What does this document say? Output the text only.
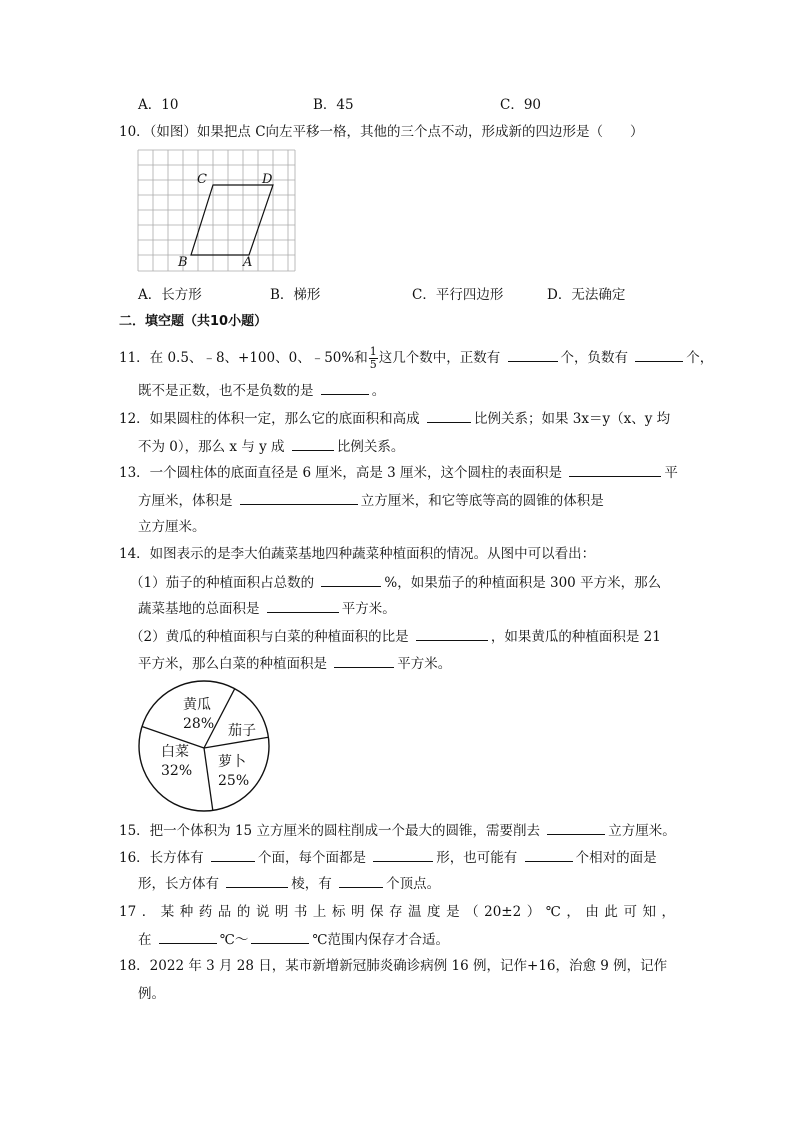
A．10	B．45	C．90
10．（如图）如果把点 C向左平移一格，其他的三个点不动，形成新的四边形是（　　）
C	D
B	A
A．长方形	B．梯形	C．平行四边形	D．无法确定
二．填空题（共10小题）
11．在 0.5、﹣8、+100、0、﹣50%和 $\frac{1}{5}$ 这几个数中，正数有	个，负数有	个，
既不是正数，也不是负数的是	。
12．如果圆柱的体积一定，那么它的底面积和高成	比例关系；如果 3x＝y（x、y 均
不为 0），那么 x 与 y 成	比例关系。
13．一个圆柱体的底面直径是 6 厘米，高是 3 厘米，这个圆柱的表面积是	平
方厘米，体积是	立方厘米，和它等底等高的圆锥的体积是
立方厘米。
14．如图表示的是李大伯蔬菜基地四种蔬菜种植面积的情况。从图中可以看出：
（1）茄子的种植面积占总数的	%，如果茄子的种植面积是 300 平方米，那么
蔬菜基地的总面积是	平方米。
（2）黄瓜的种植面积与白菜的种植面积的比是	，如果黄瓜的种植面积是 21
平方米，那么白菜的种植面积是	平方米。
黄瓜
28% 茄子
萝卜
25%
白菜
32%
15．把一个体积为 15 立方厘米的圆柱削成一个最大的圆锥，需要削去	立方厘米。
16．长方体有	个面，每个面都是	形，也可能有	个相对的面是
形，长方体有	棱，有	个顶点。
17．某种药品的说明书上标明保存温度是（20±2）℃，由此可知，
在	℃～	℃范围内保存才合适。
18．2022 年 3 月 28 日，某市新增新冠肺炎确诊病例 16 例，记作+16，治愈 9 例，记作
例。
